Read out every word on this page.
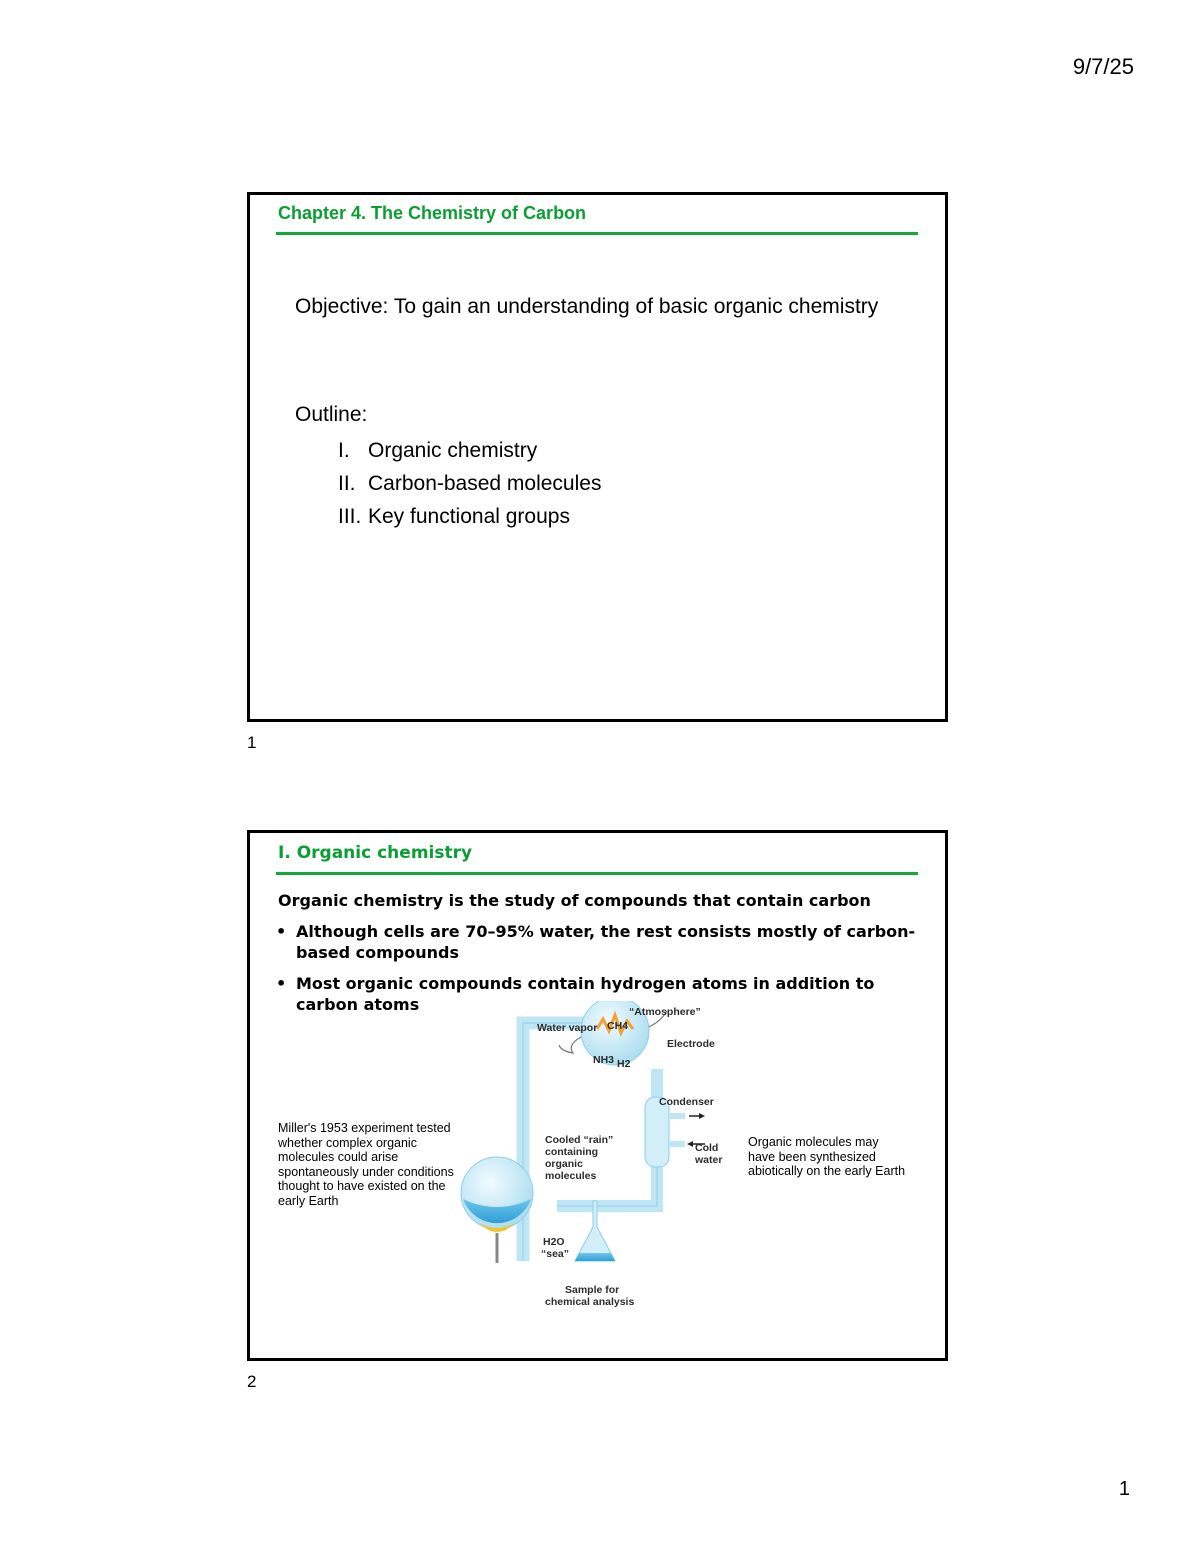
9/7/25
Chapter 4. The Chemistry of Carbon
Objective: To gain an understanding of basic organic chemistry
Outline:
I. Organic chemistry
II. Carbon-based molecules
III. Key functional groups
1
I. Organic chemistry
Organic chemistry is the study of compounds that contain carbon
• Although cells are 70–95% water, the rest consists mostly of carbon-based compounds
• Most organic compounds contain hydrogen atoms in addition to carbon atoms
Miller's 1953 experiment tested whether complex organic molecules could arise spontaneously under conditions thought to have existed on the early Earth
Organic molecules may have been synthesized abiotically on the early Earth
“Atmosphere”
CH4
Water vapor
Electrode
NH3 H2
Condenser
Cooled “rain”
containing
organic
molecules
Cold
water
H2O
“sea”
Sample for
chemical analysis
2
1
